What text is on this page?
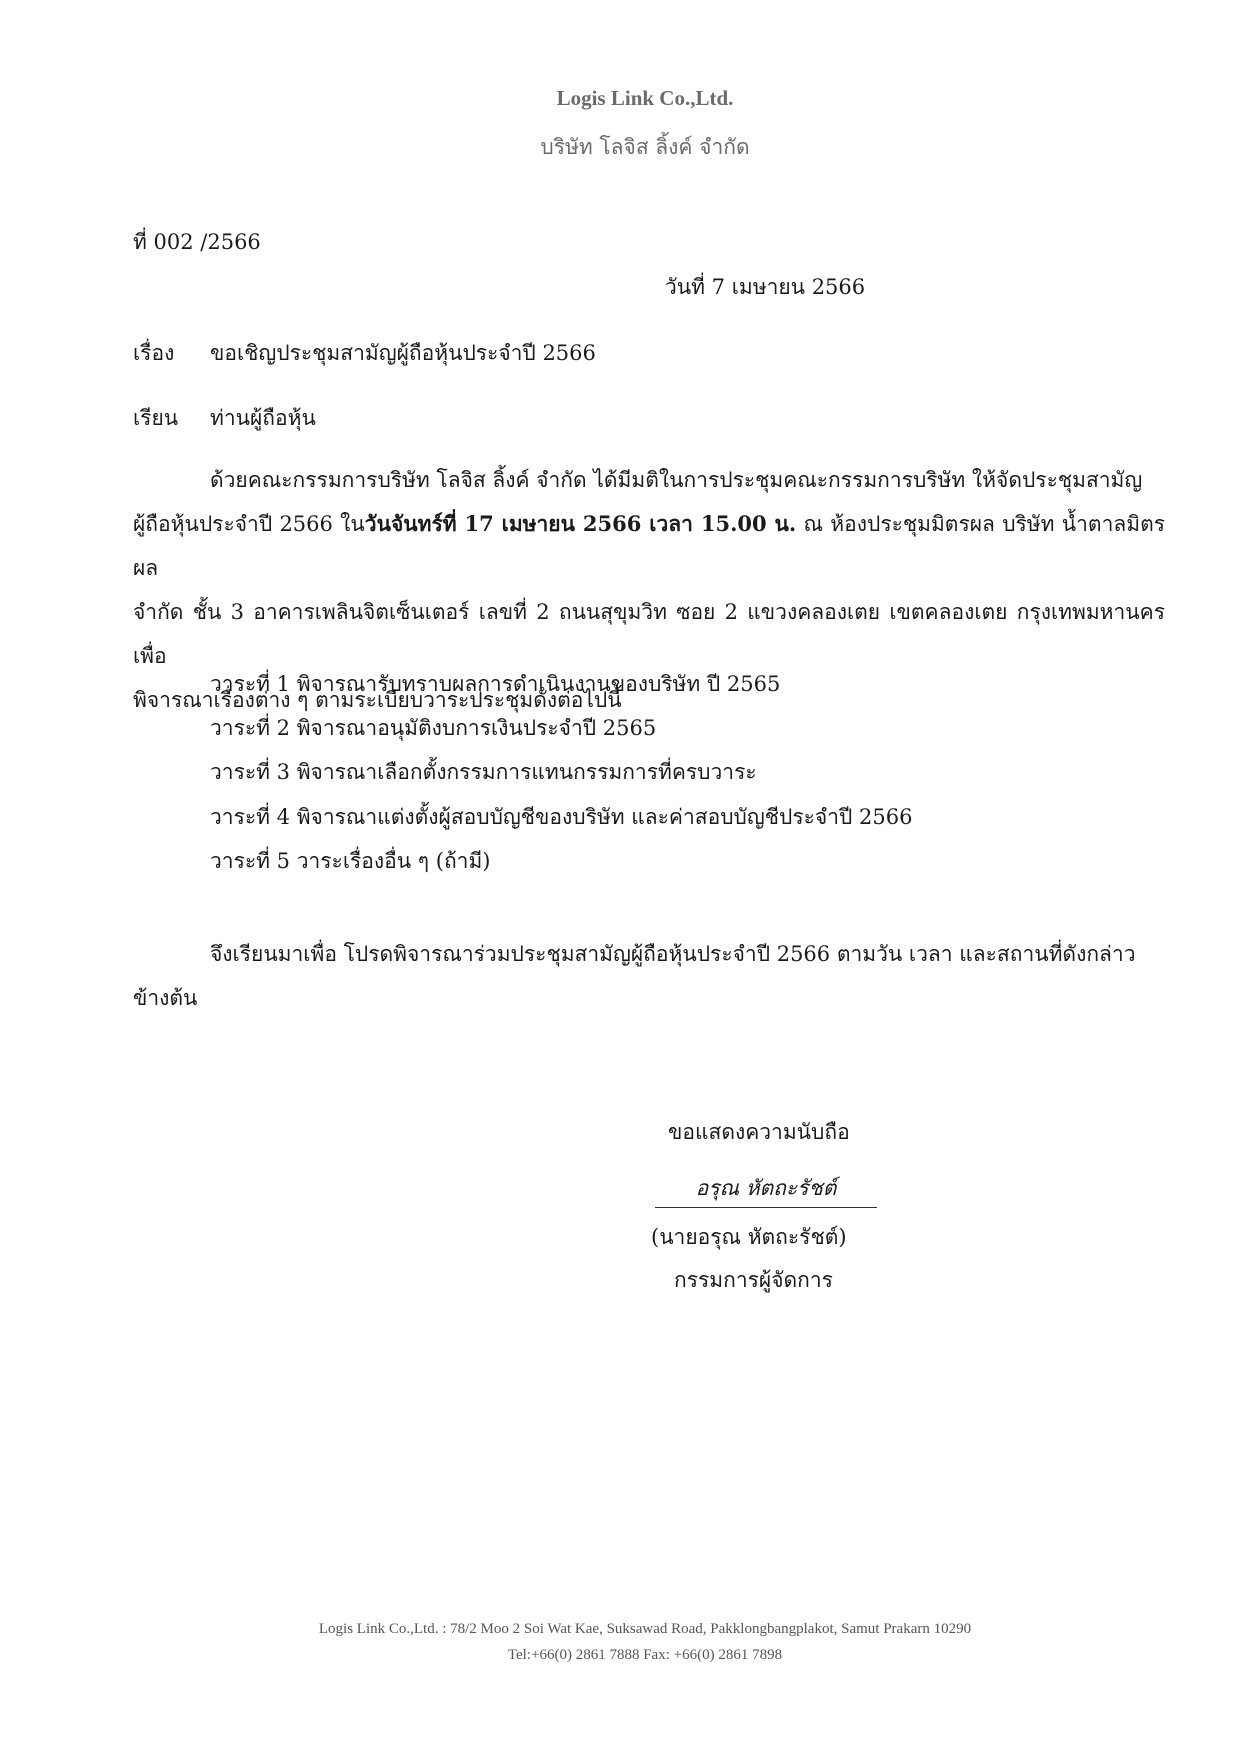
Logis Link Co.,Ltd.
บริษัท โลจิส ลิ้งค์ จำกัด
ที่ 002 /2566
วันที่ 7 เมษายน 2566
เรื่อง ขอเชิญประชุมสามัญผู้ถือหุ้นประจำปี 2566
เรียน ท่านผู้ถือหุ้น
ด้วยคณะกรรมการบริษัท โลจิส ลิ้งค์ จำกัด ได้มีมติในการประชุมคณะกรรมการบริษัท ให้จัดประชุมสามัญ
ผู้ถือหุ้นประจำปี 2566 ในวันจันทร์ที่ 17 เมษายน 2566 เวลา 15.00 น. ณ ห้องประชุมมิตรผล บริษัท น้ำตาลมิตรผล
จำกัด ชั้น 3 อาคารเพลินจิตเซ็นเตอร์ เลขที่ 2 ถนนสุขุมวิท ซอย 2 แขวงคลองเตย เขตคลองเตย กรุงเทพมหานคร เพื่อ
พิจารณาเรื่องต่าง ๆ ตามระเบียบวาระประชุมดังต่อไปนี้
วาระที่ 1 พิจารณารับทราบผลการดำเนินงานของบริษัท ปี 2565
วาระที่ 2 พิจารณาอนุมัติงบการเงินประจำปี 2565
วาระที่ 3 พิจารณาเลือกตั้งกรรมการแทนกรรมการที่ครบวาระ
วาระที่ 4 พิจารณาแต่งตั้งผู้สอบบัญชีของบริษัท และค่าสอบบัญชีประจำปี 2566
วาระที่ 5 วาระเรื่องอื่น ๆ (ถ้ามี)
จึงเรียนมาเพื่อ โปรดพิจารณาร่วมประชุมสามัญผู้ถือหุ้นประจำปี 2566 ตามวัน เวลา และสถานที่ดังกล่าว
ข้างต้น
ขอแสดงความนับถือ
อรุณ หัตถะรัชต์
(นายอรุณ หัตถะรัชต์)
กรรมการผู้จัดการ
Logis Link Co.,Ltd. : 78/2 Moo 2 Soi Wat Kae, Suksawad Road, Pakklongbangplakot, Samut Prakarn 10290
Tel:+66(0) 2861 7888 Fax: +66(0) 2861 7898
